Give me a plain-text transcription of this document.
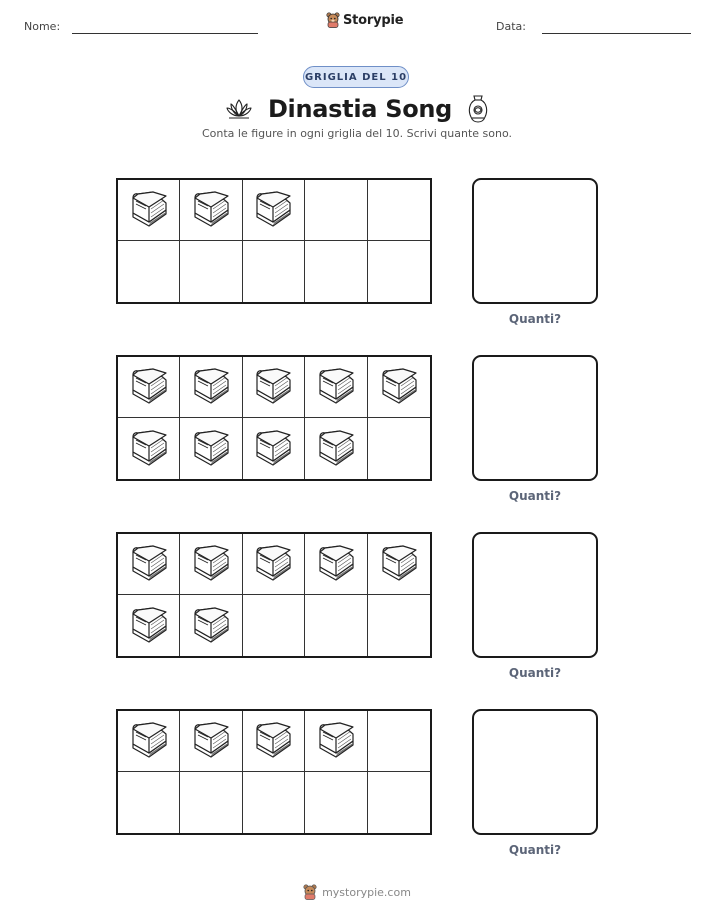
Nome:	Storypie	Data:
GRIGLIA DEL 10
Dinastia Song
Conta le figure in ogni griglia del 10. Scrivi quante sono.
Quanti?
Quanti?
Quanti?
Quanti?
mystorypie.com
